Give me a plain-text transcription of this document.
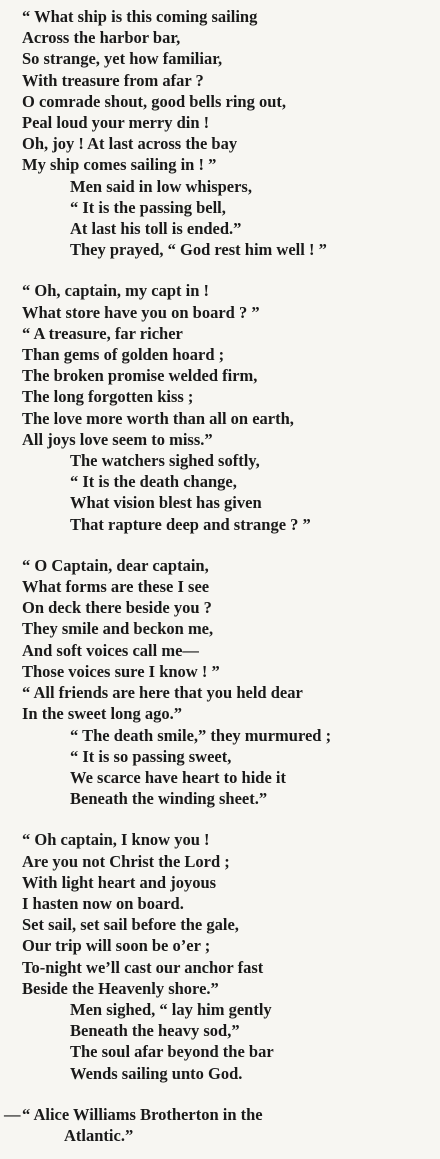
“ What ship is this coming sailing
Across the harbor bar,
So strange, yet how familiar,
With treasure from afar ?
O comrade shout, good bells ring out,
Peal loud your merry din !
Oh, joy ! At last across the bay
My ship comes sailing in ! ”
Men said in low whispers,
“ It is the passing bell,
At last his toll is ended.”
They prayed, “ God rest him well ! ”
“ Oh, captain, my capt in !
What store have you on board ? ”
“ A treasure, far richer
Than gems of golden hoard ;
The broken promise welded firm,
The long forgotten kiss ;
The love more worth than all on earth,
All joys love seem to miss.”
The watchers sighed softly,
“ It is the death change,
What vision blest has given
That rapture deep and strange ? ”
“ O Captain, dear captain,
What forms are these I see
On deck there beside you ?
They smile and beckon me,
And soft voices call me—
Those voices sure I know ! ”
“ All friends are here that you held dear
In the sweet long ago.”
“ The death smile,” they murmured ;
“ It is so passing sweet,
We scarce have heart to hide it
Beneath the winding sheet.”
“ Oh captain, I know you !
Are you not Christ the Lord ;
With light heart and joyous
I hasten now on board.
Set sail, set sail before the gale,
Our trip will soon be o’er ;
To-night we’ll cast our anchor fast
Beside the Heavenly shore.”
Men sighed, “ lay him gently
Beneath the heavy sod,”
The soul afar beyond the bar
Wends sailing unto God.
— “ Alice Williams Brotherton in the
Atlantic.”
